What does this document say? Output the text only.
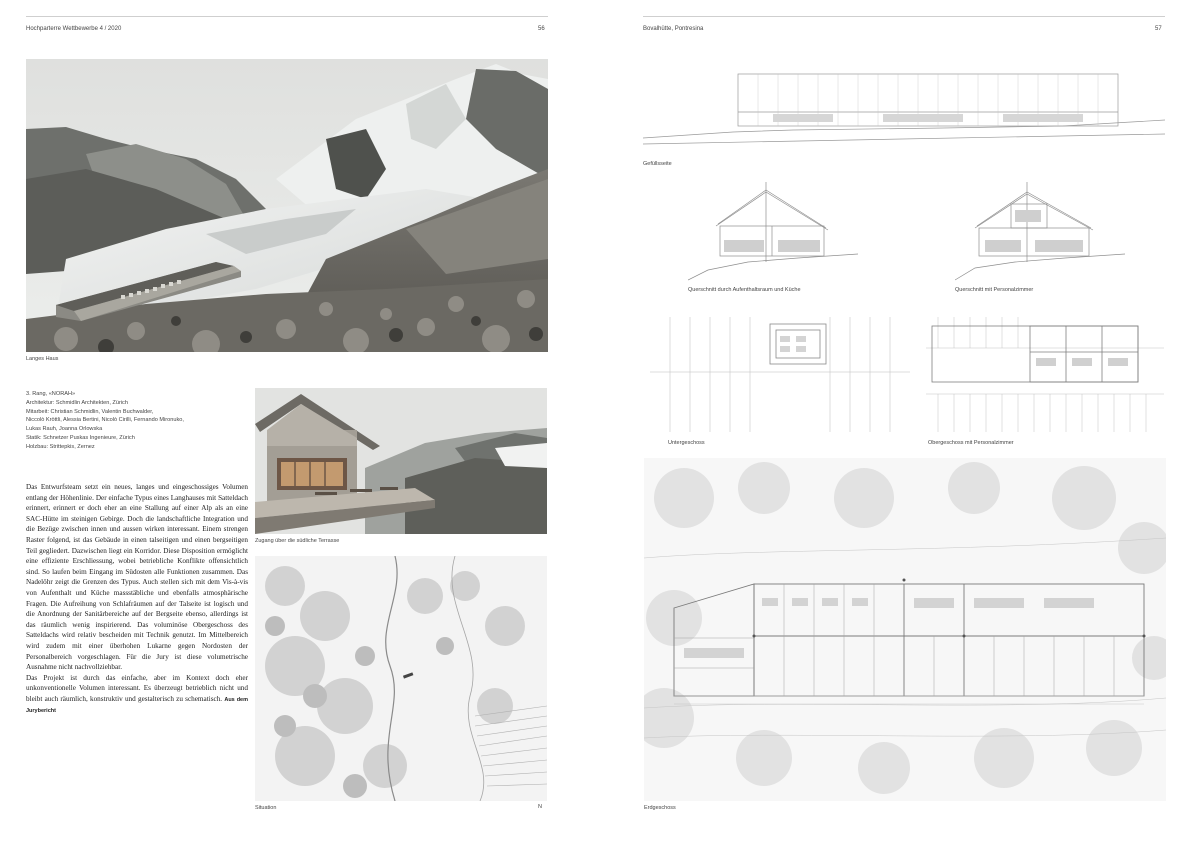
Hochparterre Wettbewerbe 4 / 2020	56	Bovalhütte, Pontresina	57
Langes Haus
3. Rang, «NORAH»
Architektur: Schmidlin Architekten, Zürich
Mitarbeit: Christian Schmidlin, Valentin Buchwalder,
Niccolò Kröttli, Alessia Bertini, Nicolò Cirilli, Fernando Mironuko,
Lukas Rauh, Joanna Orlowska
Statik: Schnetzer Puskas Ingenieure, Zürich
Holzbau: Strittepkis, Zernez

Das Entwurfsteam setzt ein neues, langes und eingeschossiges Volumen entlang der Höhenlinie. Der einfache Typus eines Langhauses mit Satteldach erinnert, erinnert er doch eher an eine Stallung auf einer Alp als an eine SAC-Hütte im steinigen Gebirge. Doch die landschaftliche Integration und die Bezüge zwischen innen und aussen wirken interessant. Einem strengen Raster folgend, ist das Gebäude in einen talseitigen und einen bergseitigen Teil gegliedert. Dazwischen liegt ein Korridor. Diese Disposition ermöglicht eine effiziente Erschliessung, wobei betriebliche Konflikte offensichtlich sind. So laufen beim Eingang im Südosten alle Funktionen zusammen. Das Nadelöhr zeigt die Grenzen des Typus. Auch stellen sich mit dem Vis-à-vis von Aufenthalt und Küche massstäbliche und ebenfalls atmosphärische Fragen. Die Aufreihung von Schlafräumen auf der Talseite ist logisch und die Anordnung der Sanitärbereiche auf der Bergseite ebenso, allerdings ist das räumlich wenig inspirierend. Das voluminöse Obergeschoss des Satteldachs wird relativ bescheiden mit Technik genutzt. Im Mittelbereich wird zudem mit einer überhohen Lukarne gegen Nordosten der Personalbereich vorgeschlagen. Für die Jury ist diese volumetrische Ausnahme nicht nachvollziehbar.

Das Projekt ist durch das einfache, aber im Kontext doch eher unkonventionelle Volumen interessant. Es überzeugt betrieblich nicht und bleibt auch räumlich, konstruktiv und gestalterisch zu schematisch. Aus dem Jurybericht

Zugang über die südliche Terrasse
Situation	N
Gefüllsseite
Querschnitt durch Aufenthaltsraum und Küche	Querschnitt mit Personalzimmer
Untergeschoss	Obergeschoss mit Personalzimmer
Erdgeschoss
